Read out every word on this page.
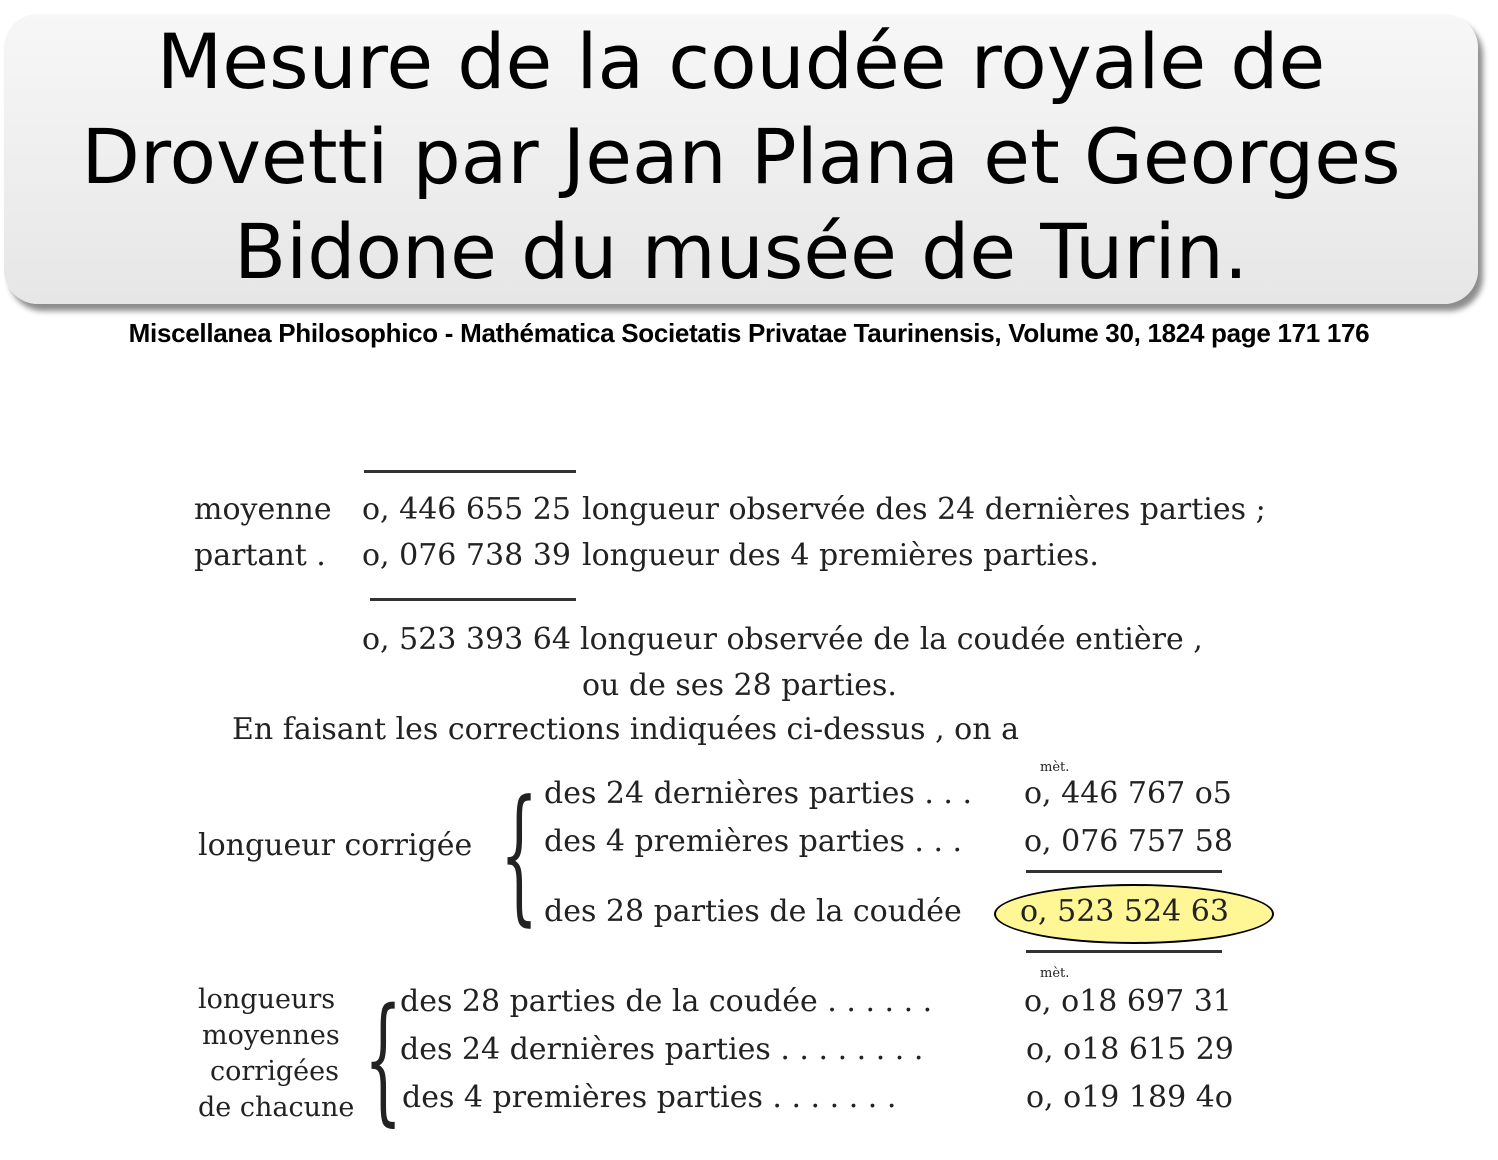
Mesure de la coudée royale de
Drovetti par Jean Plana et Georges
Bidone du musée de Turin.
Miscellanea Philosophico - Mathématica Societatis Privatae Taurinensis, Volume 30, 1824 page 171 176
moyenne o, 446 655 25 longueur observée des 24 dernières parties ;
partant . o, 076 738 39 longueur des 4 premières parties.
o, 523 393 64 longueur observée de la coudée entière ,
ou de ses 28 parties.
En faisant les corrections indiquées ci-dessus , on a
mèt.
longueur corrigée { des 24 dernières parties . . . o, 446 767 o5
des 4 premières parties . . . o, 076 757 58
des 28 parties de la coudée o, 523 524 63
mèt.
longueurs
moyennes
corrigées
de chacune {
des 28 parties de la coudée . . . . . .	o, o18 697 31
des 24 dernières parties . . . . . . . .	o, o18 615 29
des 4 premières parties . . . . . . .	o, o19 189 4o
